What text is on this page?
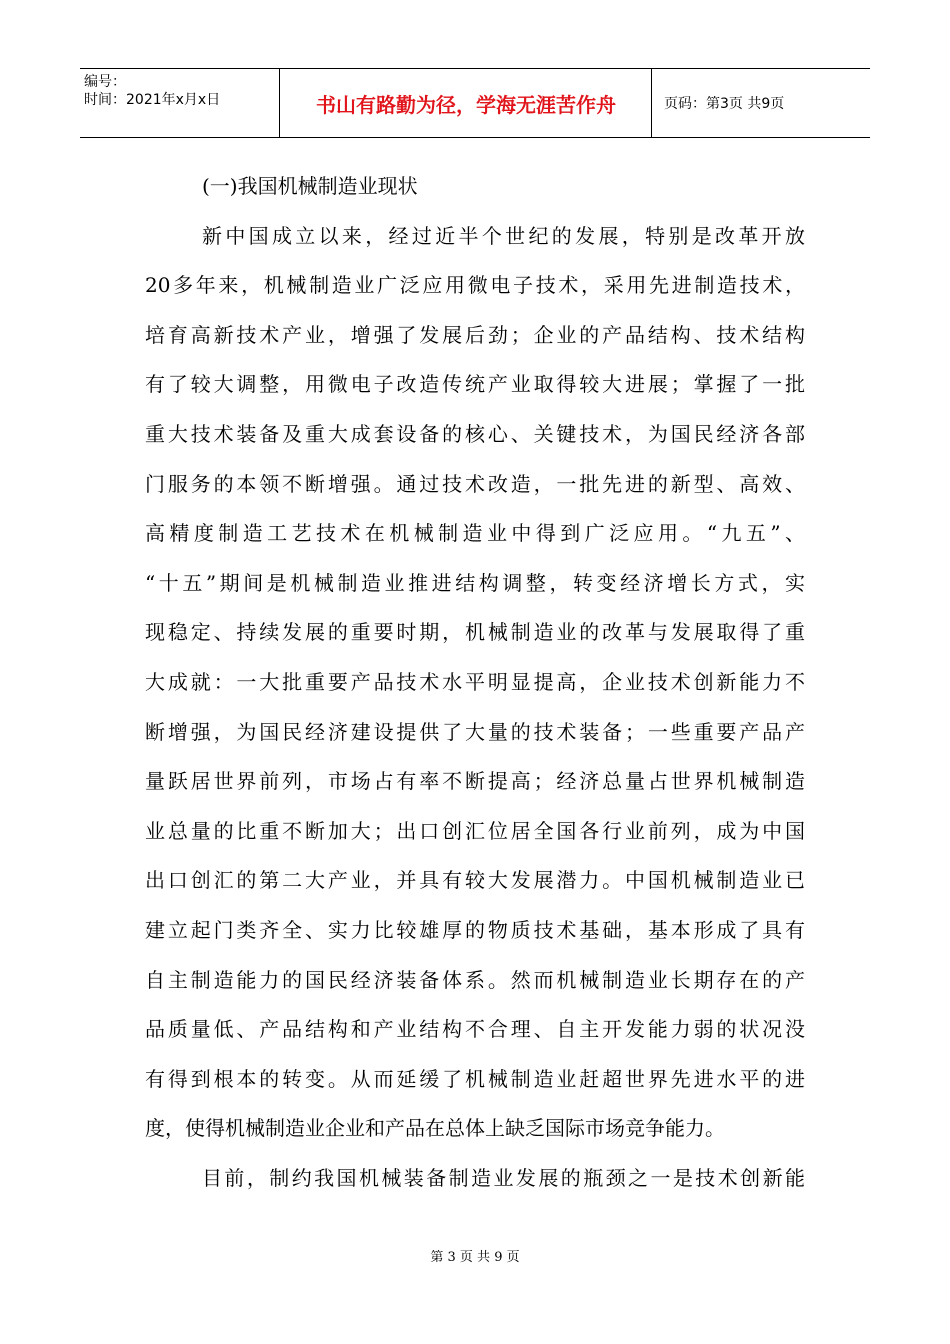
编号：
时间：2021年x月x日	书山有路勤为径，学海无涯苦作舟	页码：第3页 共9页
(一)我国机械制造业现状
新中国成立以来，经过近半个世纪的发展，特别是改革开放
20多年来，机械制造业广泛应用微电子技术，采用先进制造技术，
培育高新技术产业，增强了发展后劲；企业的产品结构、技术结构
有了较大调整，用微电子改造传统产业取得较大进展；掌握了一批
重大技术装备及重大成套设备的核心、关键技术，为国民经济各部
门服务的本领不断增强。通过技术改造，一批先进的新型、高效、
高精度制造工艺技术在机械制造业中得到广泛应用。“九五”、
“十五”期间是机械制造业推进结构调整，转变经济增长方式，实
现稳定、持续发展的重要时期，机械制造业的改革与发展取得了重
大成就：一大批重要产品技术水平明显提高，企业技术创新能力不
断增强，为国民经济建设提供了大量的技术装备；一些重要产品产
量跃居世界前列，市场占有率不断提高；经济总量占世界机械制造
业总量的比重不断加大；出口创汇位居全国各行业前列，成为中国
出口创汇的第二大产业，并具有较大发展潜力。中国机械制造业已
建立起门类齐全、实力比较雄厚的物质技术基础，基本形成了具有
自主制造能力的国民经济装备体系。然而机械制造业长期存在的产
品质量低、产品结构和产业结构不合理、自主开发能力弱的状况没
有得到根本的转变。从而延缓了机械制造业赶超世界先进水平的进
度，使得机械制造业企业和产品在总体上缺乏国际市场竞争能力。
目前，制约我国机械装备制造业发展的瓶颈之一是技术创新能
第 3 页 共 9 页
